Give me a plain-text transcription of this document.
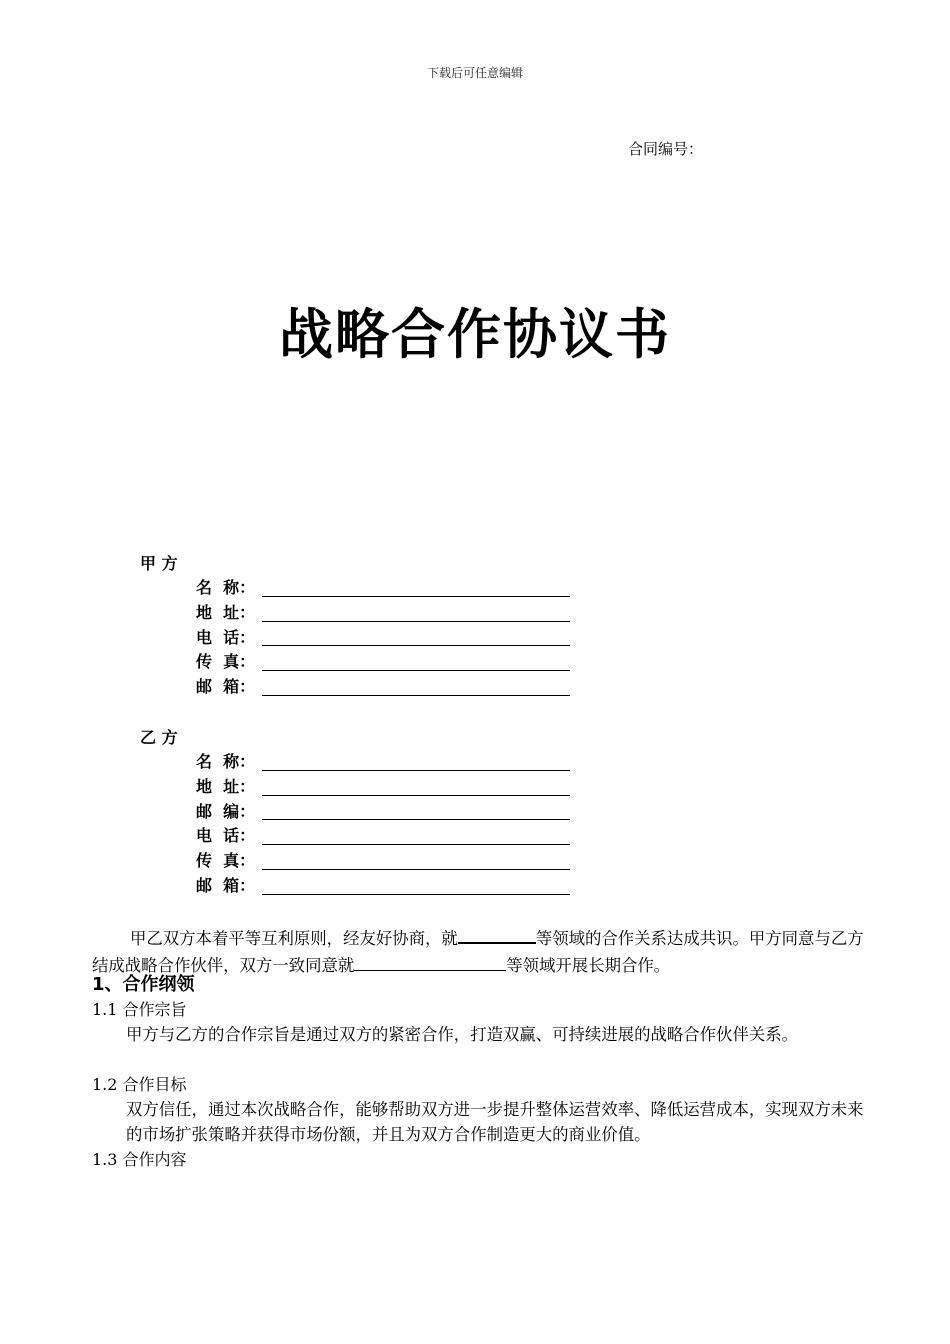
下载后可任意编辑
合同编号：
战略合作协议书
甲 方
名  称：
地  址：
电  话：
传  真：
邮  箱：
乙 方
名  称：
地  址：
邮  编：
电  话：
传  真：
邮  箱：

甲乙双方本着平等互利原则，经友好协商，就	等领域的合作关系达成共识。甲方同意与乙方结成战略合作伙伴，双方一致同意就	等领域开展长期合作。

1、合作纲领
1.1 合作宗旨
甲方与乙方的合作宗旨是通过双方的紧密合作，打造双赢、可持续进展的战略合作伙伴关系。
1.2 合作目标
双方信任，通过本次战略合作，能够帮助双方进一步提升整体运营效率、降低运营成本，实现双方未来的市场扩张策略并获得市场份额，并且为双方合作制造更大的商业价值。
1.3 合作内容
